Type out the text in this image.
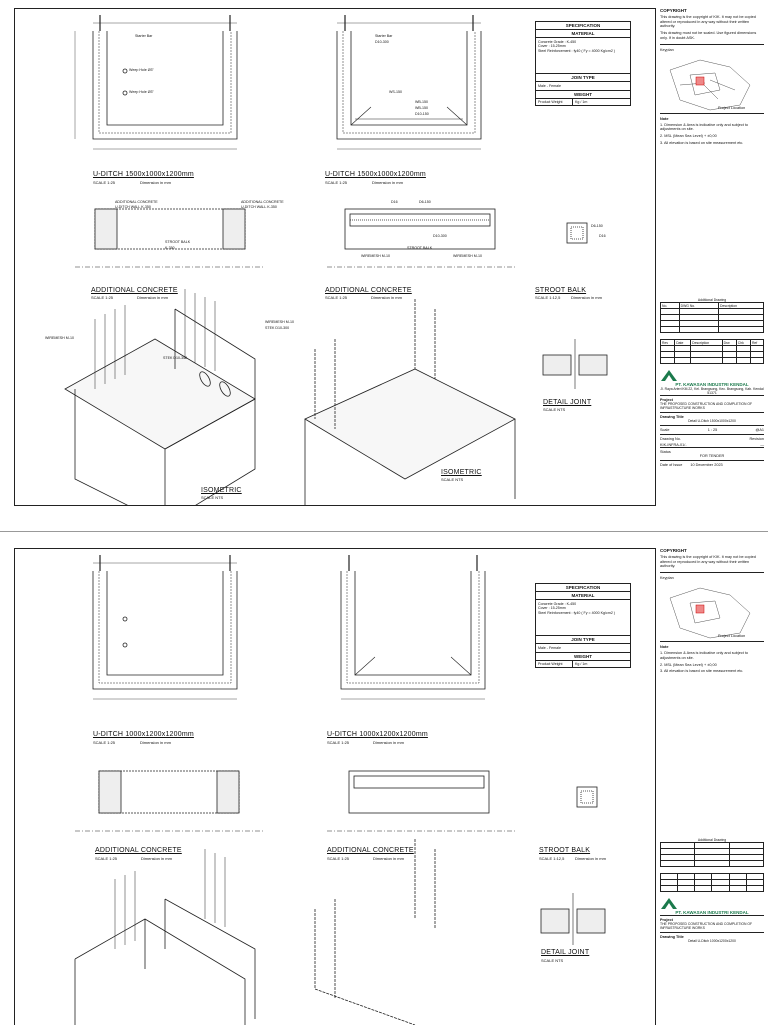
U-DITCH 1500x1000x1200mm
SCALE 1:25	Dimension in mm
U-DITCH 1500x1000x1200mm
SCALE 1:25	Dimension in mm
ADDITIONAL CONCRETE
SCALE 1:25	Dimension in mm
ADDITIONAL CONCRETE
SCALE 1:25	Dimension in mm
STROOT BALK
SCALE 1:12,5	Dimension in mm
DETAIL JOINT
SCALE NTS
ISOMETRIC
SCALE NTS
ISOMETRIC
SCALE NTS
Starter Bar
Weep Hole Ø3"
Weep Hole Ø3"
Starter Bar
D10-300
WS-150
WB-150
WB-150
D10-150
ADDITIONAL CONCRETE
U-DITCH WALL K-350
ADDITIONAL CONCRETE
U-DITCH WALL K-350
STROOT BALK
K-350
D16	D6-150
D10-300
STROOT BALK
WIREMESH M-10	WIREMESH M-10
D6-150
D16
WIREMESH M-10
WIREMESH M-10
STEK D10-300
STEK D10-300
SPECIFICATION
MATERIAL
Concrete Grade : K-450
Cover : 15-25mm
Steel Reinforcement : fy40 ( Fy = 4000 Kg/cm2 )
JOIN TYPE
Male - Female
WEIGHT
Product Weight	Kg / 1m
COPYRIGHT
This drawing is the copyright of KIK. It may not be copied altered or reproduced in any way without their written authority.
This drawing must not be scaled. Use figured dimensions only. If in doubt ASK.
Keyplan
Project Location
Note
1. Dimension & Area is indicative only and subject to adjustments on site.
2. MSL (Mean Sea Level) + ±0,00
3. All elevation is based on site measurement etc.
Additional Drawing
No.	DWG No.	Description

Rev	Date	Description	Drw	Chk	Ref

PT. KAWASAN INDUSTRI KENDAL
Jl. Raya Arteri KM.22, Kel. Brangsong, Kec. Brangsong, Kab. Kendal 51371
Project
THE PROPOSED CONSTRUCTION AND COMPLETION OF INFRASTRUCTURE WORKS
Drawing Title
Detail U-Ditch 1500x1000x1200
Scale	1 : 25	@A1
Drawing No.	Revision
KIK-INFRA-01/-	—
Status
FOR TENDER
Date of Issue 10 December 2023
U-DITCH 1000x1200x1200mm
SCALE 1:25	Dimension in mm
U-DITCH 1000x1200x1200mm
SCALE 1:25	Dimension in mm
ADDITIONAL CONCRETE
SCALE 1:25	Dimension in mm
ADDITIONAL CONCRETE
SCALE 1:25	Dimension in mm
STROOT BALK
SCALE 1:12,5	Dimension in mm
DETAIL JOINT
SCALE NTS
SPECIFICATION
MATERIAL
Concrete Grade : K-450
Cover : 15-25mm
Steel Reinforcement : fy40 ( Fy = 4000 Kg/cm2 )
JOIN TYPE
Male - Female
WEIGHT
Product Weight	Kg / 1m
COPYRIGHT
This drawing is the copyright of KIK. It may not be copied altered or reproduced in any way without their written authority.
Keyplan
Project Location
Note
1. Dimension & Area is indicative only and subject to adjustments on site.
2. MSL (Mean Sea Level) + ±0,00
3. All elevation is based on site measurement etc.
Additional Drawing

PT. KAWASAN INDUSTRI KENDAL
Project
THE PROPOSED CONSTRUCTION AND COMPLETION OF INFRASTRUCTURE WORKS
Drawing Title
Detail U-Ditch 1000x1200x1200
